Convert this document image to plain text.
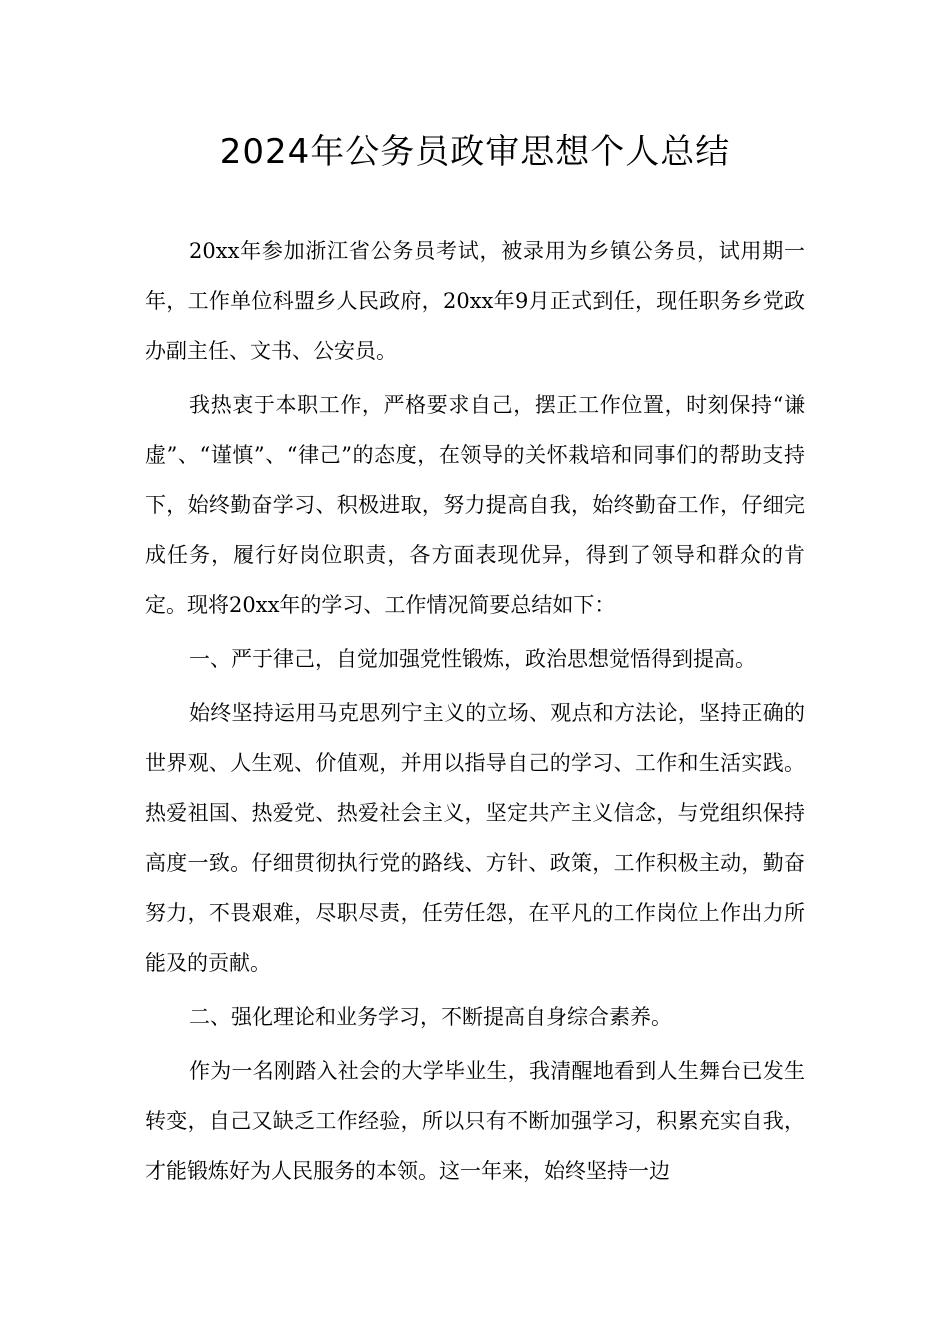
2024年公务员政审思想个人总结

20xx年参加浙江省公务员考试，被录用为乡镇公务员，试用期一年，工作单位科盟乡人民政府，20xx年9月正式到任，现任职务乡党政办副主任、文书、公安员。

我热衷于本职工作，严格要求自己，摆正工作位置，时刻保持“谦虚”、“谨慎”、“律己”的态度，在领导的关怀栽培和同事们的帮助支持下，始终勤奋学习、积极进取，努力提高自我，始终勤奋工作，仔细完成任务，履行好岗位职责，各方面表现优异，得到了领导和群众的肯定。现将20xx年的学习、工作情况简要总结如下：

一、严于律己，自觉加强党性锻炼，政治思想觉悟得到提高。

始终坚持运用马克思列宁主义的立场、观点和方法论，坚持正确的世界观、人生观、价值观，并用以指导自己的学习、工作和生活实践。热爱祖国、热爱党、热爱社会主义，坚定共产主义信念，与党组织保持高度一致。仔细贯彻执行党的路线、方针、政策，工作积极主动，勤奋努力，不畏艰难，尽职尽责，任劳任怨，在平凡的工作岗位上作出力所能及的贡献。

二、强化理论和业务学习，不断提高自身综合素养。

作为一名刚踏入社会的大学毕业生，我清醒地看到人生舞台已发生转变，自己又缺乏工作经验，所以只有不断加强学习，积累充实自我，才能锻炼好为人民服务的本领。这一年来，始终坚持一边
